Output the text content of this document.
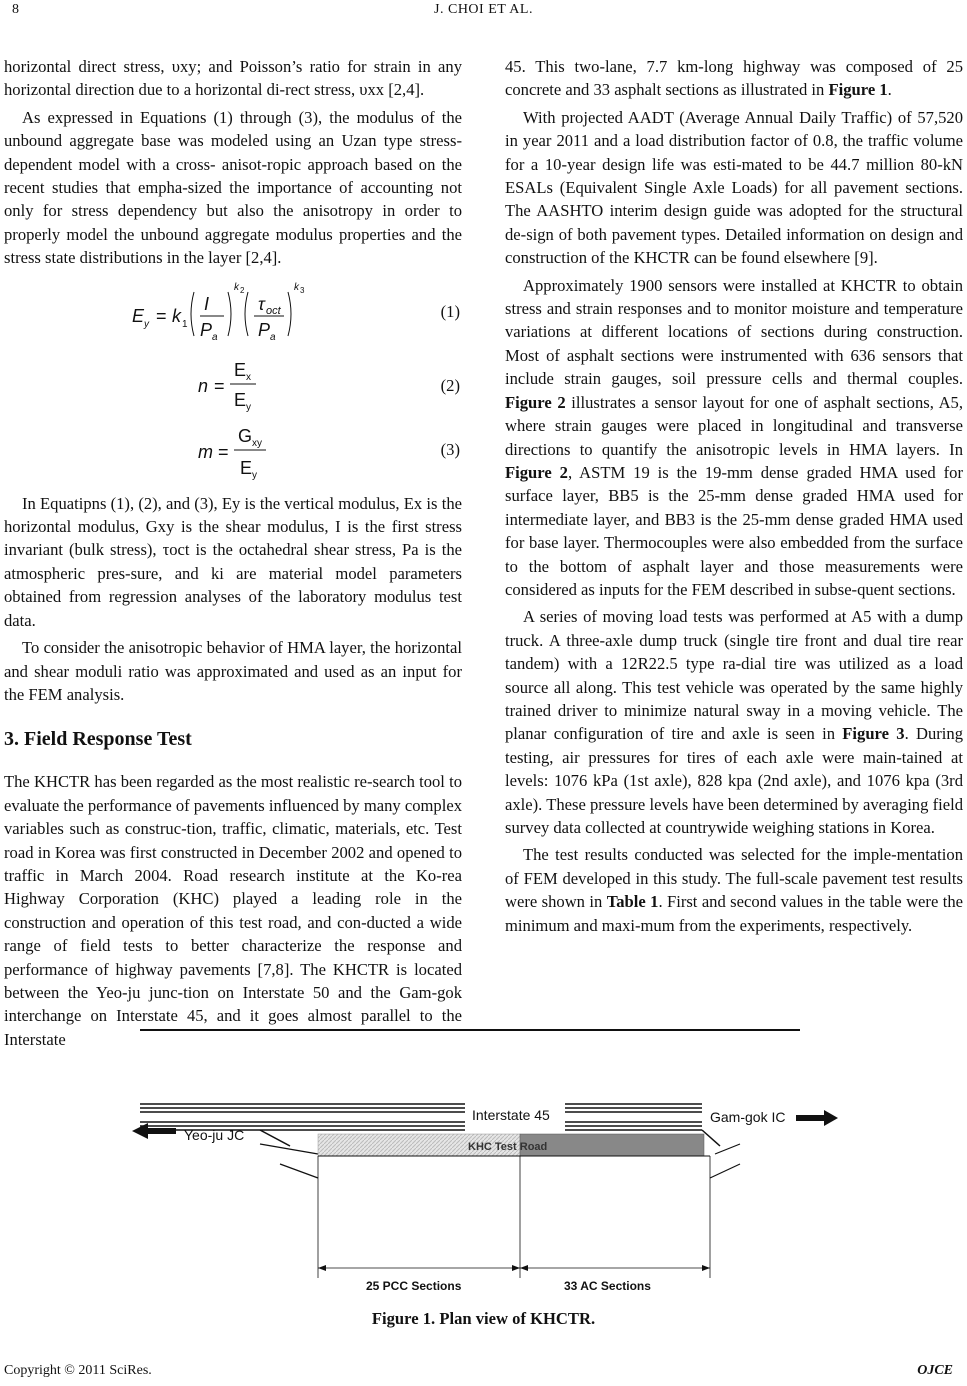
8	J. CHOI ET AL.

horizontal direct stress, υxy; and Poisson’s ratio for strain in any horizontal direction due to a horizontal di-rect stress, υxx [2,4].

As expressed in Equations (1) through (3), the modulus of the unbound aggregate base was modeled using an Uzan type stress-dependent model with a cross- anisot-ropic approach based on the recent studies that empha-sized the importance of accounting not only for stress dependency but also the anisotropy in order to properly model the unbound aggregate modulus properties and the stress state distributions in the layer [2,4].

E y = k 1
I
P a
k 2
τ oct
P a
k 3
(1)
n =
E x
E y
(2)
m =
G xy
E y
(3)

In Equatipns (1), (2), and (3), Ey is the vertical modulus, Ex is the horizontal modulus, Gxy is the shear modulus, I is the first stress invariant (bulk stress), τoct is the octahedral shear stress, Pa is the atmospheric pres-sure, and ki are material model parameters obtained from regression analyses of the laboratory modulus test data.

To consider the anisotropic behavior of HMA layer, the horizontal and shear moduli ratio was approximated and used as an input for the FEM analysis.

3. Field Response Test

The KHCTR has been regarded as the most realistic re-search tool to evaluate the performance of pavements influenced by many complex variables such as construc-tion, traffic, climatic, materials, etc. Test road in Korea was first constructed in December 2002 and opened to traffic in March 2004. Road research institute at the Ko-rea Highway Corporation (KHC) played a leading role in the construction and operation of this test road, and con-ducted a wide range of field tests to better characterize the response and performance of highway pavements [7,8]. The KHCTR is located between the Yeo-ju junc-tion on Interstate 50 and the Gam-gok interchange on Interstate 45, and it goes almost parallel to the Interstate

45. This two-lane, 7.7 km-long highway was composed of 25 concrete and 33 asphalt sections as illustrated in Figure 1.

With projected AADT (Average Annual Daily Traffic) of 57,520 in year 2011 and a load distribution factor of 0.8, the traffic volume for a 10-year design life was esti-mated to be 44.7 million 80-kN ESALs (Equivalent Single Axle Loads) for all pavement sections. The AASHTO interim design guide was adopted for the structural de-sign of both pavement types. Detailed information on design and construction of the KHCTR can be found elsewhere [9].

Approximately 1900 sensors were installed at KHCTR to obtain stress and strain responses and to monitor moisture and temperature variations at different locations of sections during construction. Most of asphalt sections were instrumented with 636 sensors that include strain gauges, soil pressure cells and thermal couples. Figure 2 illustrates a sensor layout for one of asphalt sections, A5, where strain gauges were placed in longitudinal and transverse directions to quantify the anisotropic levels in HMA layers. In Figure 2, ASTM 19 is the 19-mm dense graded HMA used for surface layer, BB5 is the 25-mm dense graded HMA used for intermediate layer, and BB3 is the 25-mm dense graded HMA used for base layer. Thermocouples were also embedded from the surface to the bottom of asphalt layer and those measurements were considered as inputs for the FEM described in subse-quent sections.

A series of moving load tests was performed at A5 with a dump truck. A three-axle dump truck (single tire front and dual tire rear tandem) with a 12R22.5 type ra-dial tire was utilized as a load source all along. This test vehicle was operated by the same highly trained driver to minimize natural sway in a moving vehicle. The planar configuration of tire and axle is seen in Figure 3. During testing, air pressures for tires of each axle were main-tained at levels: 1076 kPa (1st axle), 828 kpa (2nd axle), and 1076 kpa (3rd axle). These pressure levels have been determined by averaging field survey data collected at countrywide weighing stations in Korea.

The test results conducted was selected for the imple-mentation of FEM developed in this study. The full-scale pavement test results were shown in Table 1. First and second values in the table were the minimum and maxi-mum from the experiments, respectively.

Interstate 45	Gam-gok IC
Yeo-ju JC
KHC Test Road
25 PCC Sections	33 AC Sections
Figure 1. Plan view of KHCTR.
Copyright © 2011 SciRes.	OJCE
